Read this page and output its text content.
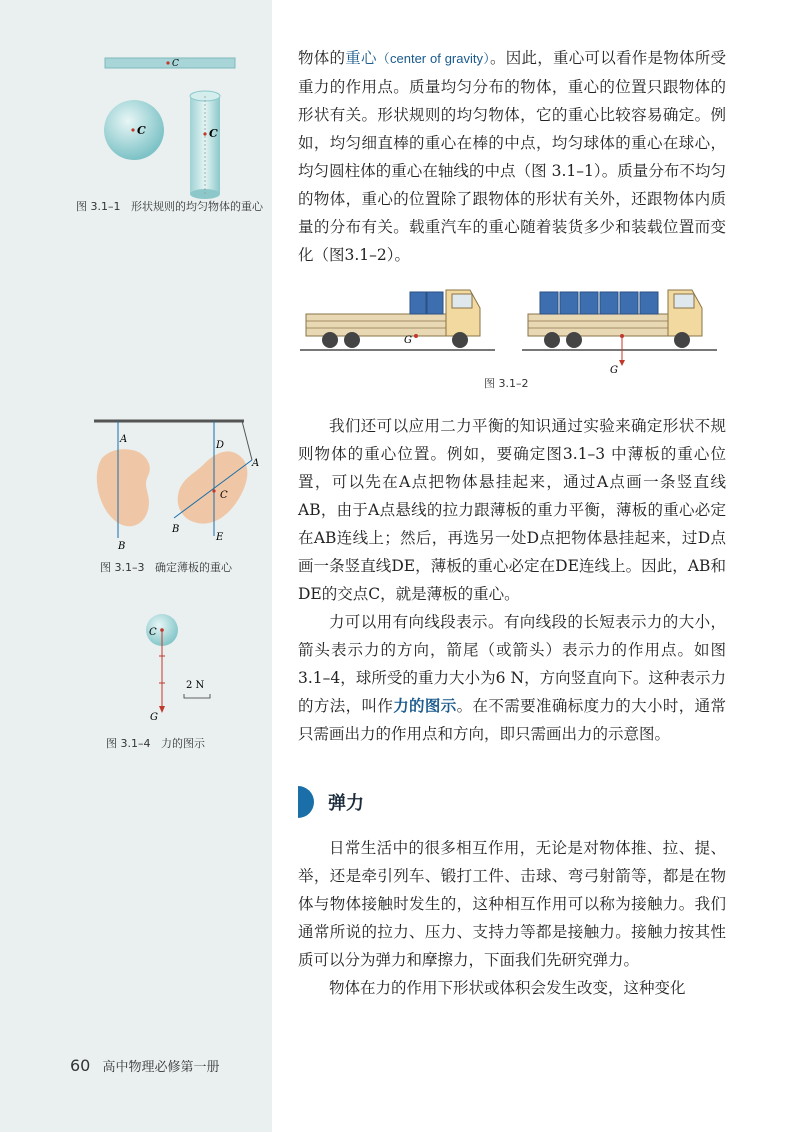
C
C	C
图 3.1–1 形状规则的均匀物体的重心

物体的重心（center of gravity）。因此，重心可以看作是物体所受重力的作用点。质量均匀分布的物体，重心的位置只跟物体的形状有关。形状规则的均匀物体，它的重心比较容易确定。例如，均匀细直棒的重心在棒的中点，均匀球体的重心在球心，均匀圆柱体的重心在轴线的中点（图 3.1–1）。质量分布不均匀的物体，重心的位置除了跟物体的形状有关外，还跟物体内质量的分布有关。载重汽车的重心随着装货多少和装载位置而变化（图3.1–2）。

G
G
图 3.1–2
A
B
D
A
C
B
E
图 3.1–3 确定薄板的重心

我们还可以应用二力平衡的知识通过实验来确定形状不规则物体的重心位置。例如，要确定图3.1–3 中薄板的重心位置，可以先在A点把物体悬挂起来，通过A点画一条竖直线AB，由于A点悬线的拉力跟薄板的重力平衡，薄板的重心必定在AB连线上；然后，再选另一处D点把物体悬挂起来，过D点画一条竖直线DE，薄板的重心必定在DE连线上。因此，AB和DE的交点C，就是薄板的重心。

力可以用有向线段表示。有向线段的长短表示力的大小，箭头表示力的方向，箭尾（或箭头）表示力的作用点。如图3.1–4，球所受的重力大小为6 N，方向竖直向下。这种表示力的方法，叫作力的图示。在不需要准确标度力的大小时，通常只需画出力的作用点和方向，即只需画出力的示意图。

C
G
2 N
图 3.1–4 力的图示
弹力

日常生活中的很多相互作用，无论是对物体推、拉、提、举，还是牵引列车、锻打工件、击球、弯弓射箭等，都是在物体与物体接触时发生的，这种相互作用可以称为接触力。我们通常所说的拉力、压力、支持力等都是接触力。接触力按其性质可以分为弹力和摩擦力，下面我们先研究弹力。

物体在力的作用下形状或体积会发生改变，这种变化

60 高中物理必修第一册
